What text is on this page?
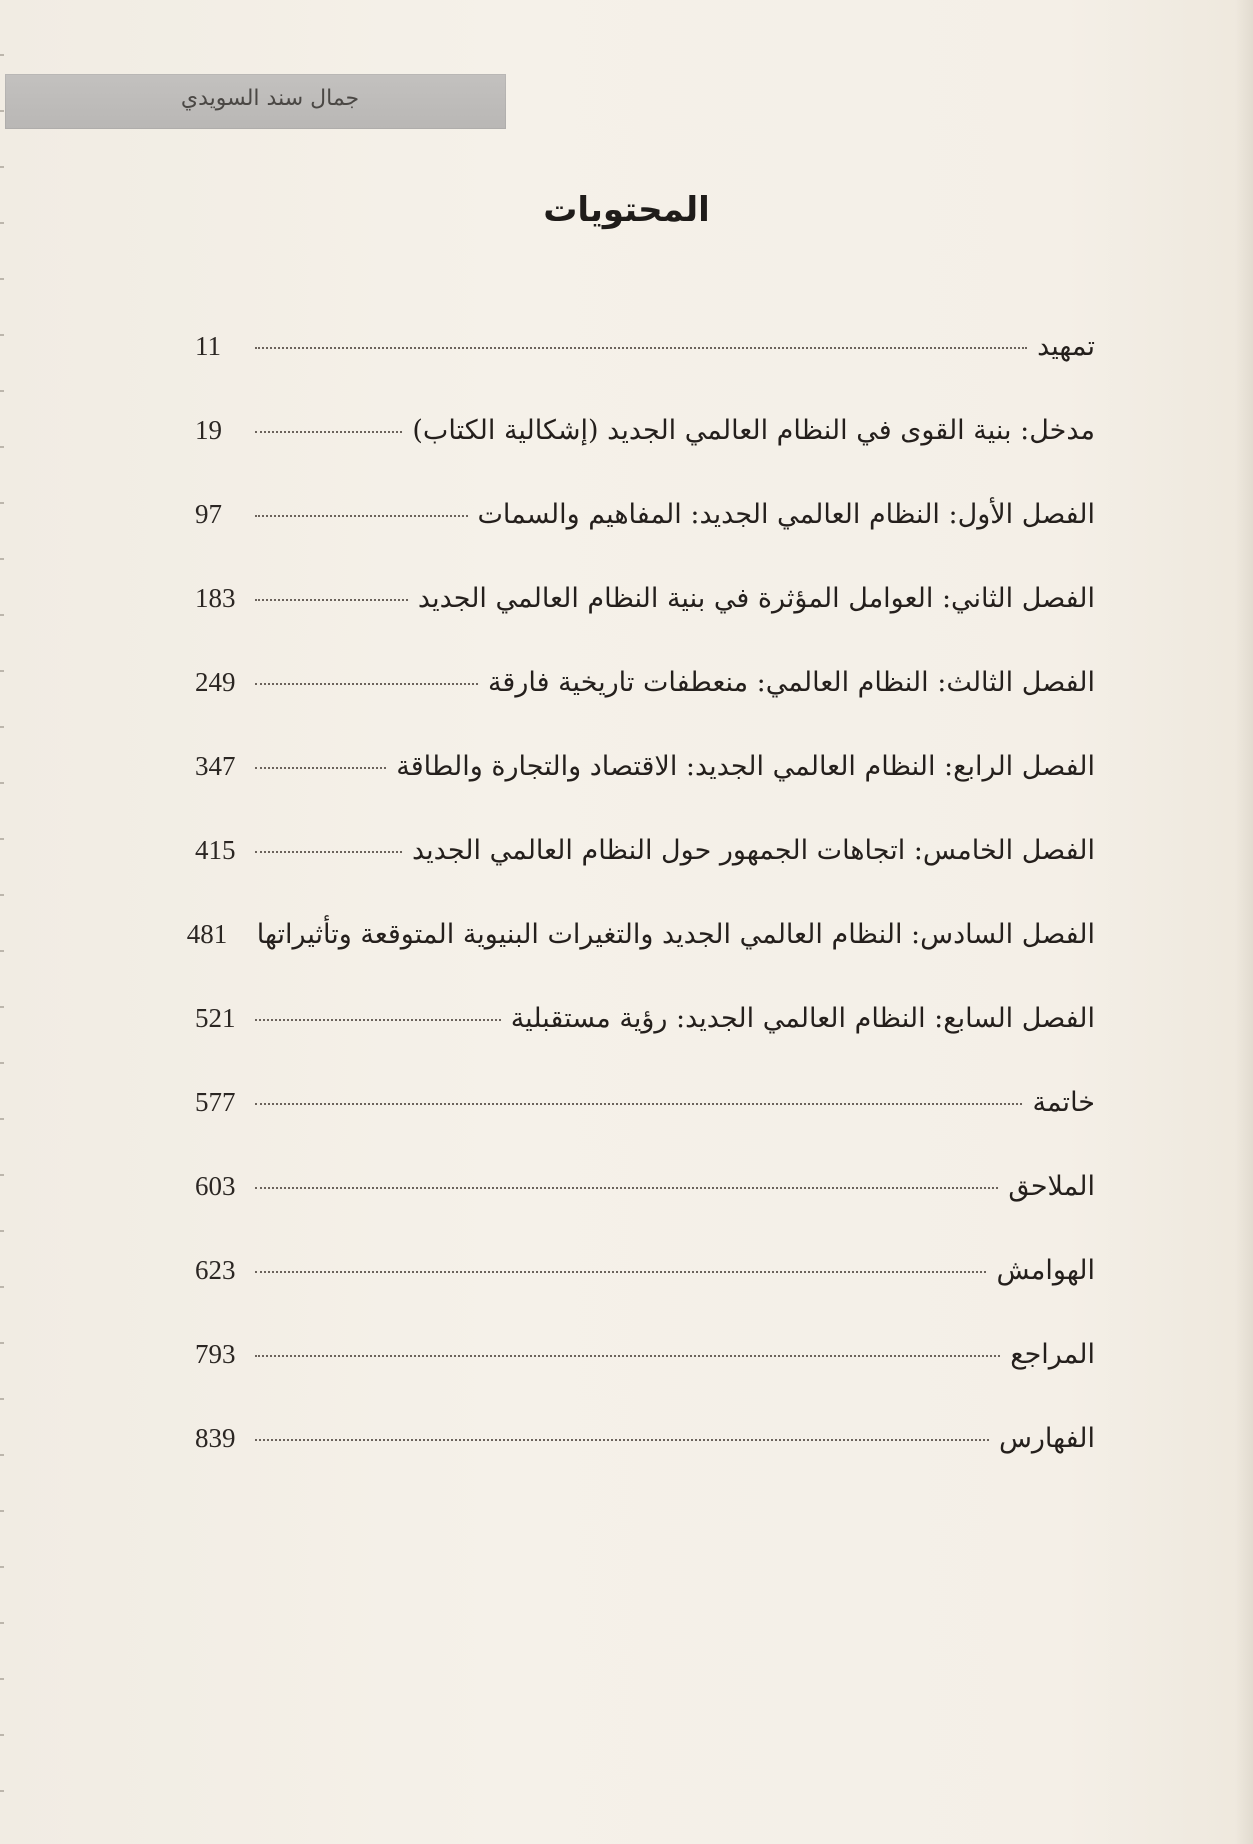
جمال سند السويدي
المحتويات
تمهيد
11
مدخل: بنية القوى في النظام العالمي الجديد (إشكالية الكتاب)
19
الفصل الأول: النظام العالمي الجديد: المفاهيم والسمات
97
الفصل الثاني: العوامل المؤثرة في بنية النظام العالمي الجديد
183
الفصل الثالث: النظام العالمي: منعطفات تاريخية فارقة
249
الفصل الرابع: النظام العالمي الجديد: الاقتصاد والتجارة والطاقة
347
الفصل الخامس: اتجاهات الجمهور حول النظام العالمي الجديد
415
الفصل السادس: النظام العالمي الجديد والتغيرات البنيوية المتوقعة وتأثيراتها
481
الفصل السابع: النظام العالمي الجديد: رؤية مستقبلية
521
خاتمة
577
الملاحق
603
الهوامش
623
المراجع
793
الفهارس
839
